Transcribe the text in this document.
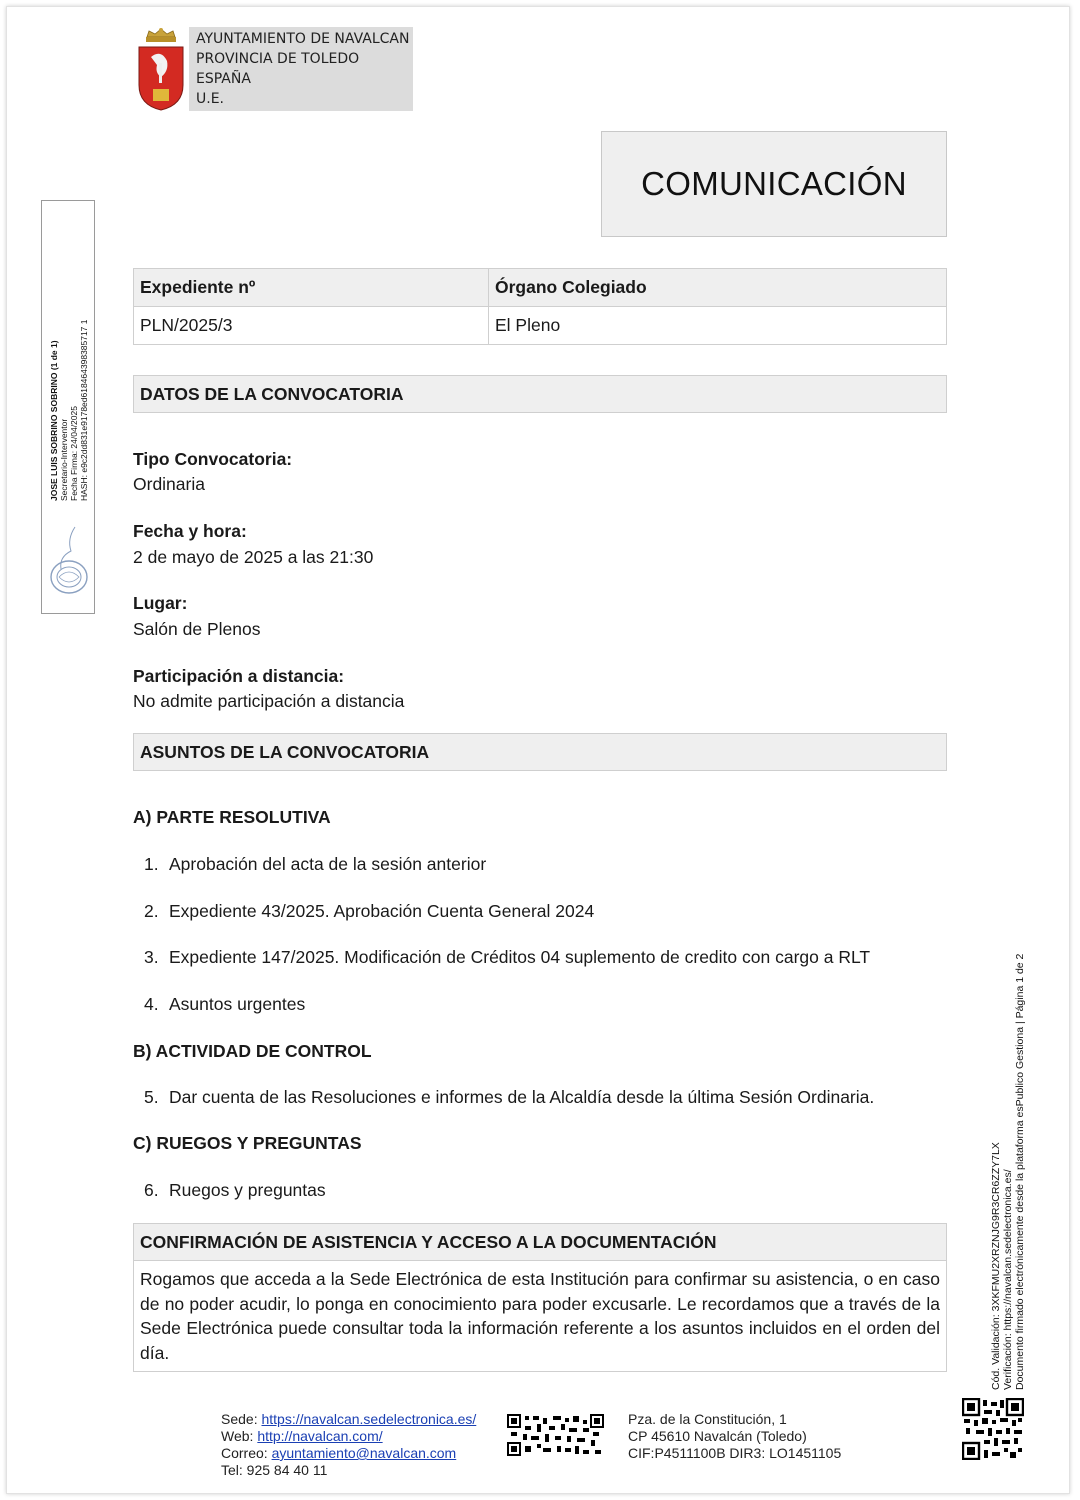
AYUNTAMIENTO DE NAVALCAN
PROVINCIA DE TOLEDO
ESPAÑA
U.E.
COMUNICACIÓN
JOSE LUIS SOBRINO SOBRINO (1 de 1) Secretario-Interventor Fecha Firma: 24/04/2025 HASH: e9c2dd831e9178ed618464398385717 1
Expediente nº	Órgano Colegiado
PLN/2025/3	El Pleno
DATOS DE LA CONVOCATORIA
Tipo Convocatoria:
Ordinaria
Fecha y hora:
2 de mayo de 2025 a las 21:30
Lugar:
Salón de Plenos
Participación a distancia:
No admite participación a distancia
ASUNTOS DE LA CONVOCATORIA
A) PARTE RESOLUTIVA
1. Aprobación del acta de la sesión anterior
2. Expediente 43/2025. Aprobación Cuenta General 2024
3. Expediente 147/2025. Modificación de Créditos 04 suplemento de credito con cargo a RLT
4. Asuntos urgentes
B) ACTIVIDAD DE CONTROL
5. Dar cuenta de las Resoluciones e informes de la Alcaldía desde la última Sesión Ordinaria.
C) RUEGOS Y PREGUNTAS
6. Ruegos y preguntas
CONFIRMACIÓN DE ASISTENCIA Y ACCESO A LA DOCUMENTACIÓN
Rogamos que acceda a la Sede Electrónica de esta Institución para confirmar su asistencia, o en caso de no poder acudir, lo ponga en conocimiento para poder excusarle. Le recordamos que a través de la Sede Electrónica puede consultar toda la información referente a los asuntos incluidos en el orden del día.
Sede: https://navalcan.sedelectronica.es/
Web: http://navalcan.com/
Correo: ayuntamiento@navalcan.com
Tel: 925 84 40 11
Pza. de la Constitución, 1
CP 45610 Navalcán (Toledo)
CIF:P4511100B DIR3: LO1451105
Cód. Validación: 3XKFMU2XRZNJG9R3CR6ZZY7LX Verificación: https://navalcan.sedelectronica.es/ Documento firmado electrónicamente desde la plataforma esPublico Gestiona | Página 1 de 2
